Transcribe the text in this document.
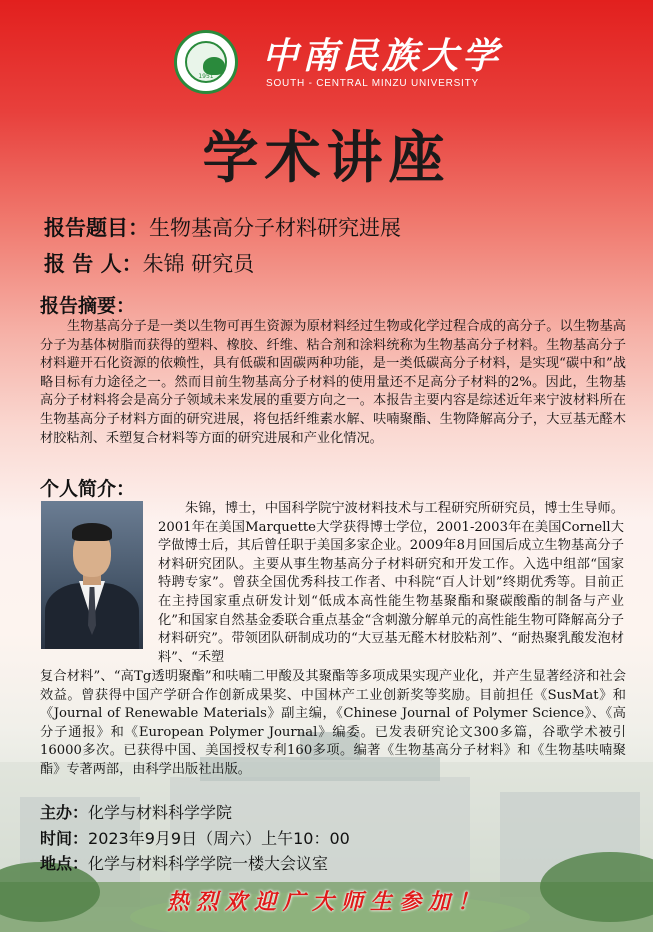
1951	中南民族大学
SOUTH - CENTRAL MINZU UNIVERSITY
学术讲座
报告题目：生物基高分子材料研究进展
报 告 人：朱锦 研究员
报告摘要：
生物基高分子是一类以生物可再生资源为原材料经过生物或化学过程合成的高分子。以生物基高分子为基体树脂而获得的塑料、橡胶、纤维、粘合剂和涂料统称为生物基高分子材料。生物基高分子材料避开石化资源的依赖性，具有低碳和固碳两种功能，是一类低碳高分子材料，是实现“碳中和”战略目标有力途径之一。然而目前生物基高分子材料的使用量还不足高分子材料的2%。因此，生物基高分子材料将会是高分子领域未来发展的重要方向之一。本报告主要内容是综述近年来宁波材料所在生物基高分子材料方面的研究进展，将包括纤维素水解、呋喃聚酯、生物降解高分子，大豆基无醛木材胶粘剂、禾塑复合材料等方面的研究进展和产业化情况。
个人简介：
朱锦，博士，中国科学院宁波材料技术与工程研究所研究员，博士生导师。2001年在美国Marquette大学获得博士学位，2001-2003年在美国Cornell大学做博士后，其后曾任职于美国多家企业。2009年8月回国后成立生物基高分子材料研究团队。主要从事生物基高分子材料研究和开发工作。入选中组部“国家特聘专家”。曾获全国优秀科技工作者、中科院“百人计划”终期优秀等。目前正在主持国家重点研发计划“低成本高性能生物基聚酯和聚碳酸酯的制备与产业化”和国家自然基金委联合重点基金“含刺激分解单元的高性能生物可降解高分子材料研究”。带领团队研制成功的“大豆基无醛木材胶粘剂”、“耐热聚乳酸发泡材料”、“禾塑
复合材料”、“高Tg透明聚酯”和呋喃二甲酸及其聚酯等多项成果实现产业化，并产生显著经济和社会效益。曾获得中国产学研合作创新成果奖、中国林产工业创新奖等奖励。目前担任《SusMat》和《Journal of Renewable Materials》副主编，《Chinese Journal of Polymer Science》、《高分子通报》和《European Polymer Journal》编委。已发表研究论文300多篇，谷歌学术被引16000多次。已获得中国、美国授权专利160多项。编著《生物基高分子材料》和《生物基呋喃聚酯》专著两部，由科学出版社出版。
主办：化学与材料科学学院
时间：2023年9月9日（周六）上午10：00
地点：化学与材料科学学院一楼大会议室
热烈欢迎广大师生参加！
